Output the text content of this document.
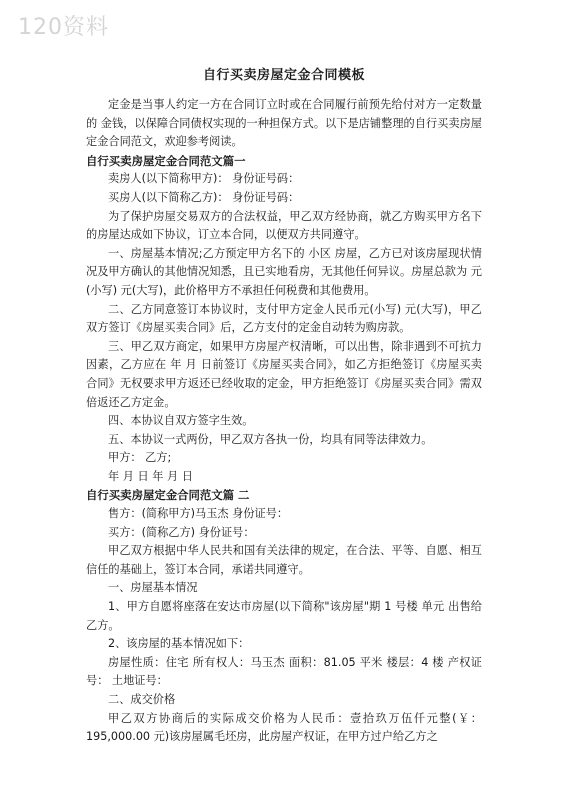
120资料
自行买卖房屋定金合同模板

定金是当事人约定一方在合同订立时或在合同履行前预先给付对方一定数量的 金钱，以保障合同债权实现的一种担保方式。以下是店铺整理的自行买卖房屋定金合同范文，欢迎参考阅读。

自行买卖房屋定金合同范文篇一

卖房人(以下简称甲方)： 身份证号码：

买房人(以下简称乙方)： 身份证号码：

为了保护房屋交易双方的合法权益，甲乙双方经协商，就乙方购买甲方名下的房屋达成如下协议，订立本合同，以便双方共同遵守。

一、房屋基本情况;乙方预定甲方名下的 小区 房屋，乙方已对该房屋现状情况及甲方确认的其他情况知悉，且已实地看房，无其他任何异议。房屋总款为 元(小写) 元(大写)，此价格甲方不承担任何税费和其他费用。

二、乙方同意签订本协议时，支付甲方定金人民币元(小写) 元(大写)，甲乙双方签订《房屋买卖合同》后，乙方支付的定金自动转为购房款。

三、甲乙双方商定，如果甲方房屋产权清晰，可以出售，除非遇到不可抗力因素，乙方应在 年 月 日前签订《房屋买卖合同》，如乙方拒绝签订《房屋买卖合同》无权要求甲方返还已经收取的定金，甲方拒绝签订《房屋买卖合同》需双倍返还乙方定金。

四、本协议自双方签字生效。

五、本协议一式两份，甲乙双方各执一份，均具有同等法律效力。

甲方： 乙方;

年 月 日 年 月 日

自行买卖房屋定金合同范文篇 二

售方：(简称甲方)马玉杰 身份证号：

买方：(简称乙方) 身份证号：

甲乙双方根据中华人民共和国有关法律的规定，在合法、平等、自愿、相互信任的基础上，签订本合同，承诺共同遵守。

一、房屋基本情况

1、甲方自愿将座落在安达市房屋(以下简称"该房屋"期 1 号楼 单元 出售给乙方。

2、该房屋的基本情况如下：

房屋性质：住宅 所有权人：马玉杰 面积：81.05 平米 楼层：4 楼 产权证号： 土地证号：

二、成交价格

甲乙双方协商后的实际成交价格为人民币：壹拾玖万伍仟元整(￥：195,000.00 元)该房屋属毛坯房，此房屋产权证，在甲方过户给乙方之
